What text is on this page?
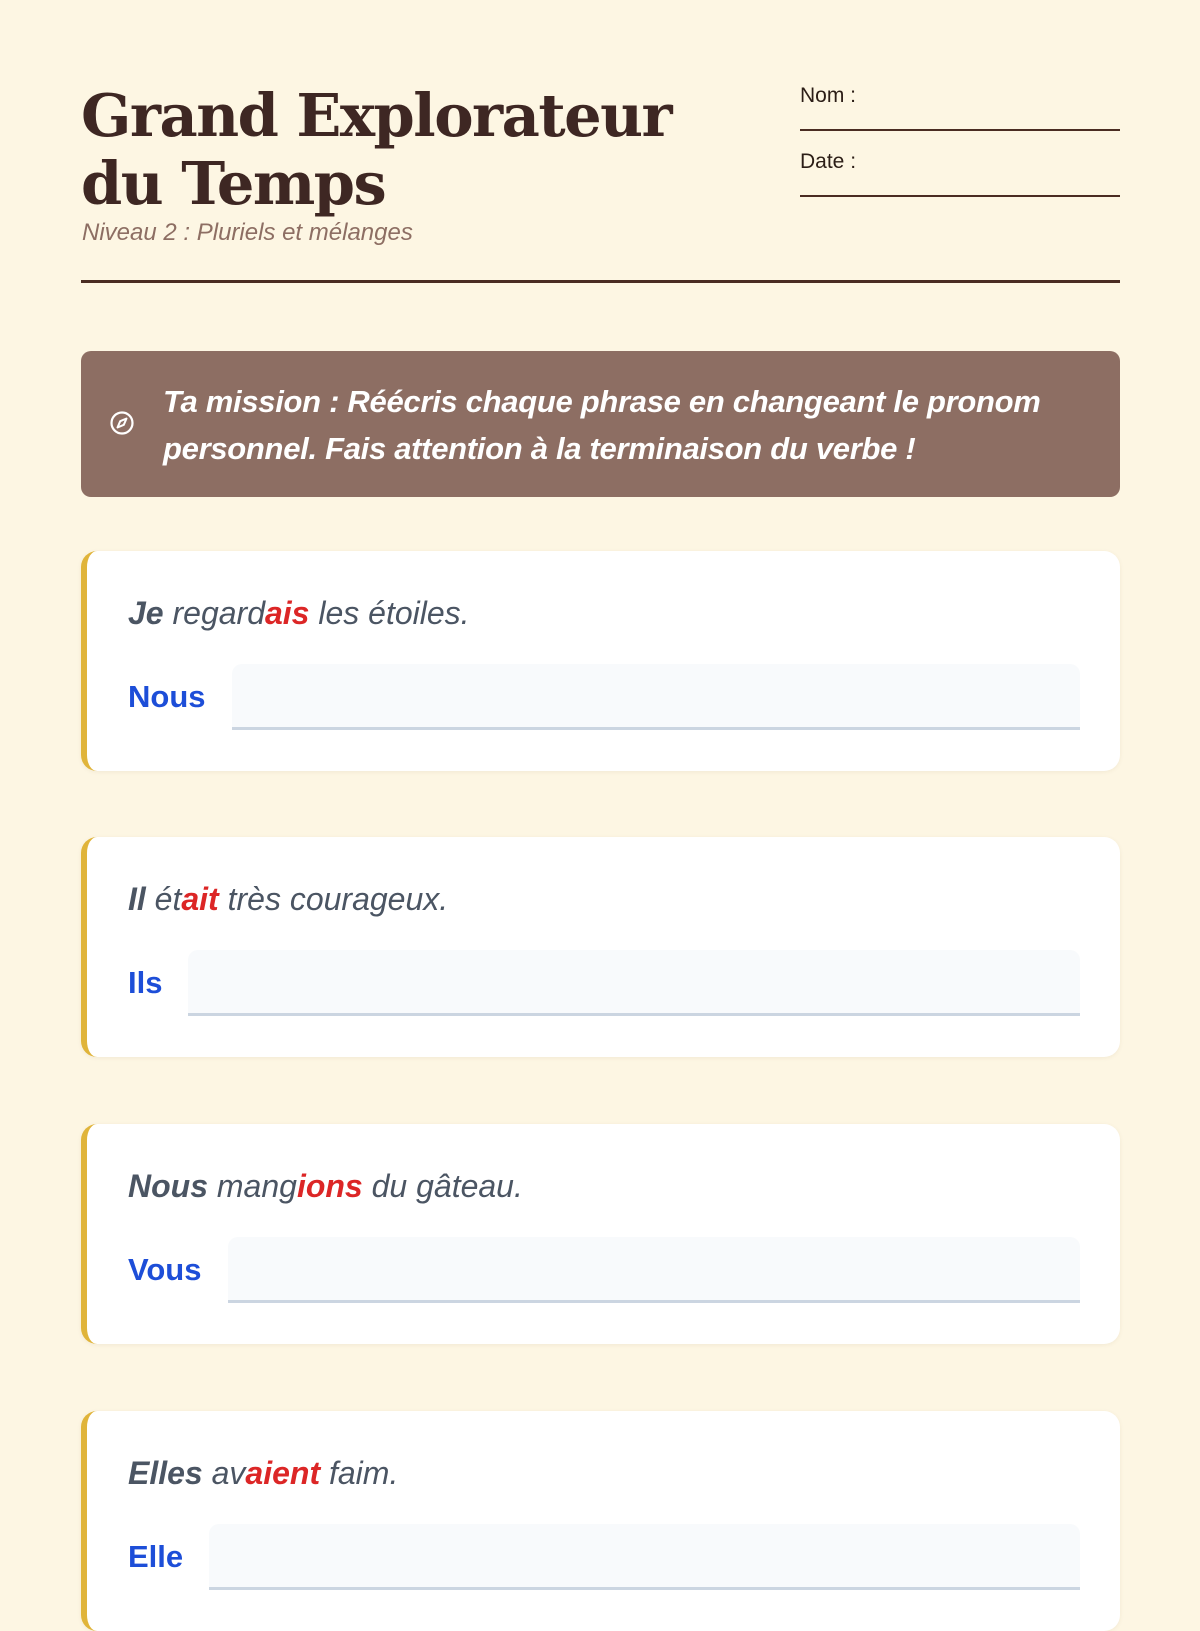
Grand Explorateur du Temps

Niveau 2 : Pluriels et mélanges

Nom :
Date :
Ta mission : Réécris chaque phrase en changeant le pronom personnel. Fais attention à la terminaison du verbe !

Je regardais les étoiles.

Nous

Il était très courageux.

Ils

Nous mangions du gâteau.

Vous

Elles avaient faim.

Elle
